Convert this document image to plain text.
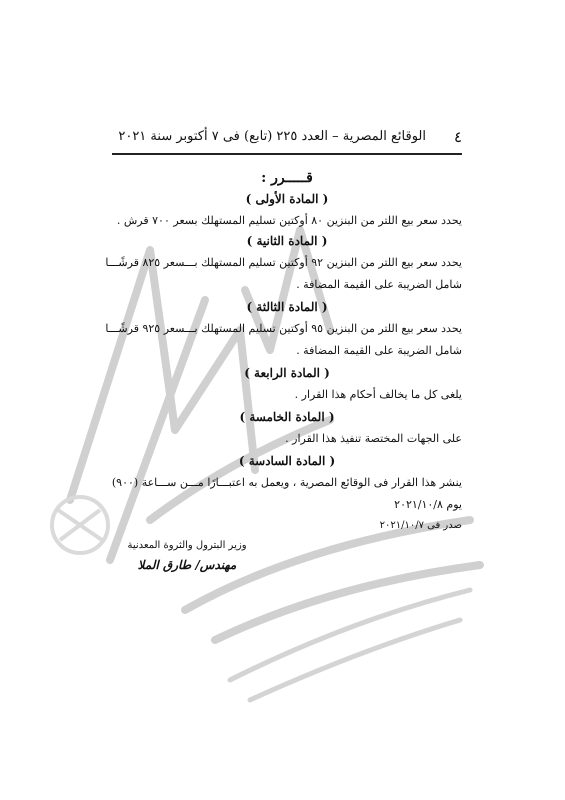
٤
الوقائع المصرية – العدد ٢٢٥ (تابع) فى ٧ أكتوبر سنة ٢٠٢١
قـــــرر :
( المادة الأولى )
يحدد سعر بيع اللتر من البنزين ٨٠ أوكتين تسليم المستهلك بسعر ٧٠٠ قرش .
( المادة الثانية )
يحدد سعر بيع اللتر من البنزين ٩٢ أوكتين تسليم المستهلك بـــسعر ٨٢٥ قرشًـــا
شامل الضريبة على القيمة المضافة .
( المادة الثالثة )
يحدد سعر بيع اللتر من البنزين ٩٥ أوكتين تسليم المستهلك بـــسعر ٩٢٥ قرشًـــا
شامل الضريبة على القيمة المضافة .
( المادة الرابعة )
يلغى كل ما يخالف أحكام هذا القرار .
( المادة الخامسة )
على الجهات المختصة تنفيذ هذا القرار .
( المادة السادسة )
ينشر هذا القرار فى الوقائع المصرية ، ويعمل به اعتبـــارًا مـــن ســـاعة (٩٠٠)
يوم ٢٠٢١/١٠/٨
صدر فى ٢٠٢١/١٠/٧
وزير البترول والثروة المعدنية
مهندس/ طارق الملا
